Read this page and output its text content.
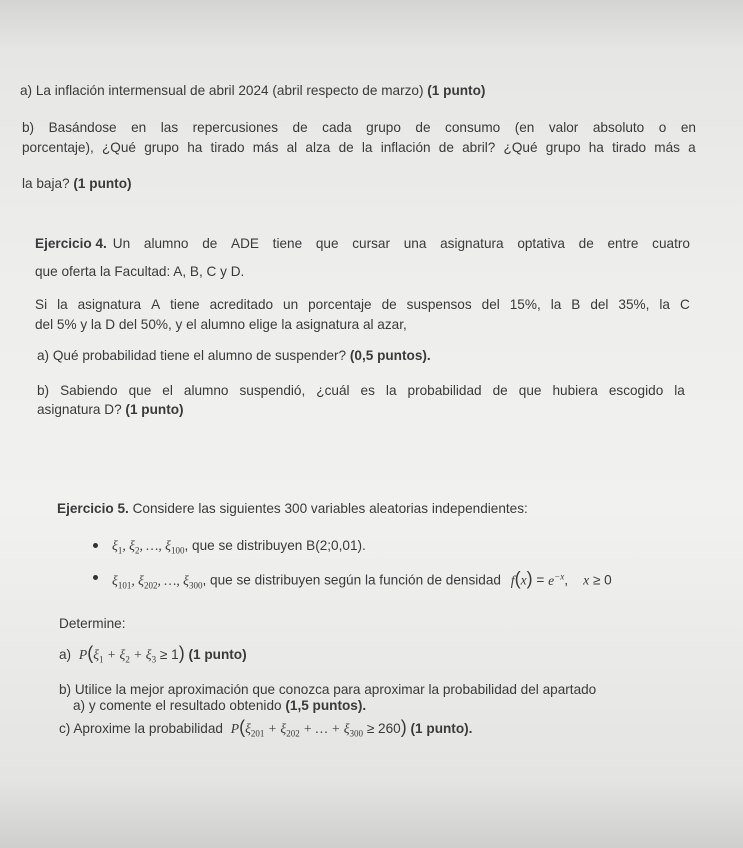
a) La inflación intermensual de abril 2024 (abril respecto de marzo) (1 punto)

b) Basándose en las repercusiones de cada grupo de consumo (en valor absoluto o en

porcentaje), ¿Qué grupo ha tirado más al alza de la inflación de abril? ¿Qué grupo ha tirado más a

la baja? (1 punto)

Ejercicio 4. Un alumno de ADE tiene que cursar una asignatura optativa de entre cuatro

que oferta la Facultad: A, B, C y D.

Si la asignatura A tiene acreditado un porcentaje de suspensos del 15%, la B del 35%, la C

del 5% y la D del 50%, y el alumno elige la asignatura al azar,

a) Qué probabilidad tiene el alumno de suspender? (0,5 puntos).

b) Sabiendo que el alumno suspendió, ¿cuál es la probabilidad de que hubiera escogido la

asignatura D? (1 punto)

Ejercicio 5. Considere las siguientes 300 variables aleatorias independientes:

$\xi_1$, $\xi_2$, …, $\xi_{100}$, que se distribuyen B(2;0,01).

$\xi_{101}$, $\xi_{202}$, …, $\xi_{300}$, que se distribuyen según la función de densidad $f(x) = e^{-x}$,    x ≥ 0

Determine:

a) $P(\xi_1 + \xi_2 + \xi_3 \ge 1)$ (1 punto)

b) Utilice la mejor aproximación que conozca para aproximar la probabilidad del apartado

a) y comente el resultado obtenido (1,5 puntos).

c) Aproxime la probabilidad $P(\xi_{201} + \xi_{202}$ + … + $\xi_{300} \ge 260$) (1 punto).
